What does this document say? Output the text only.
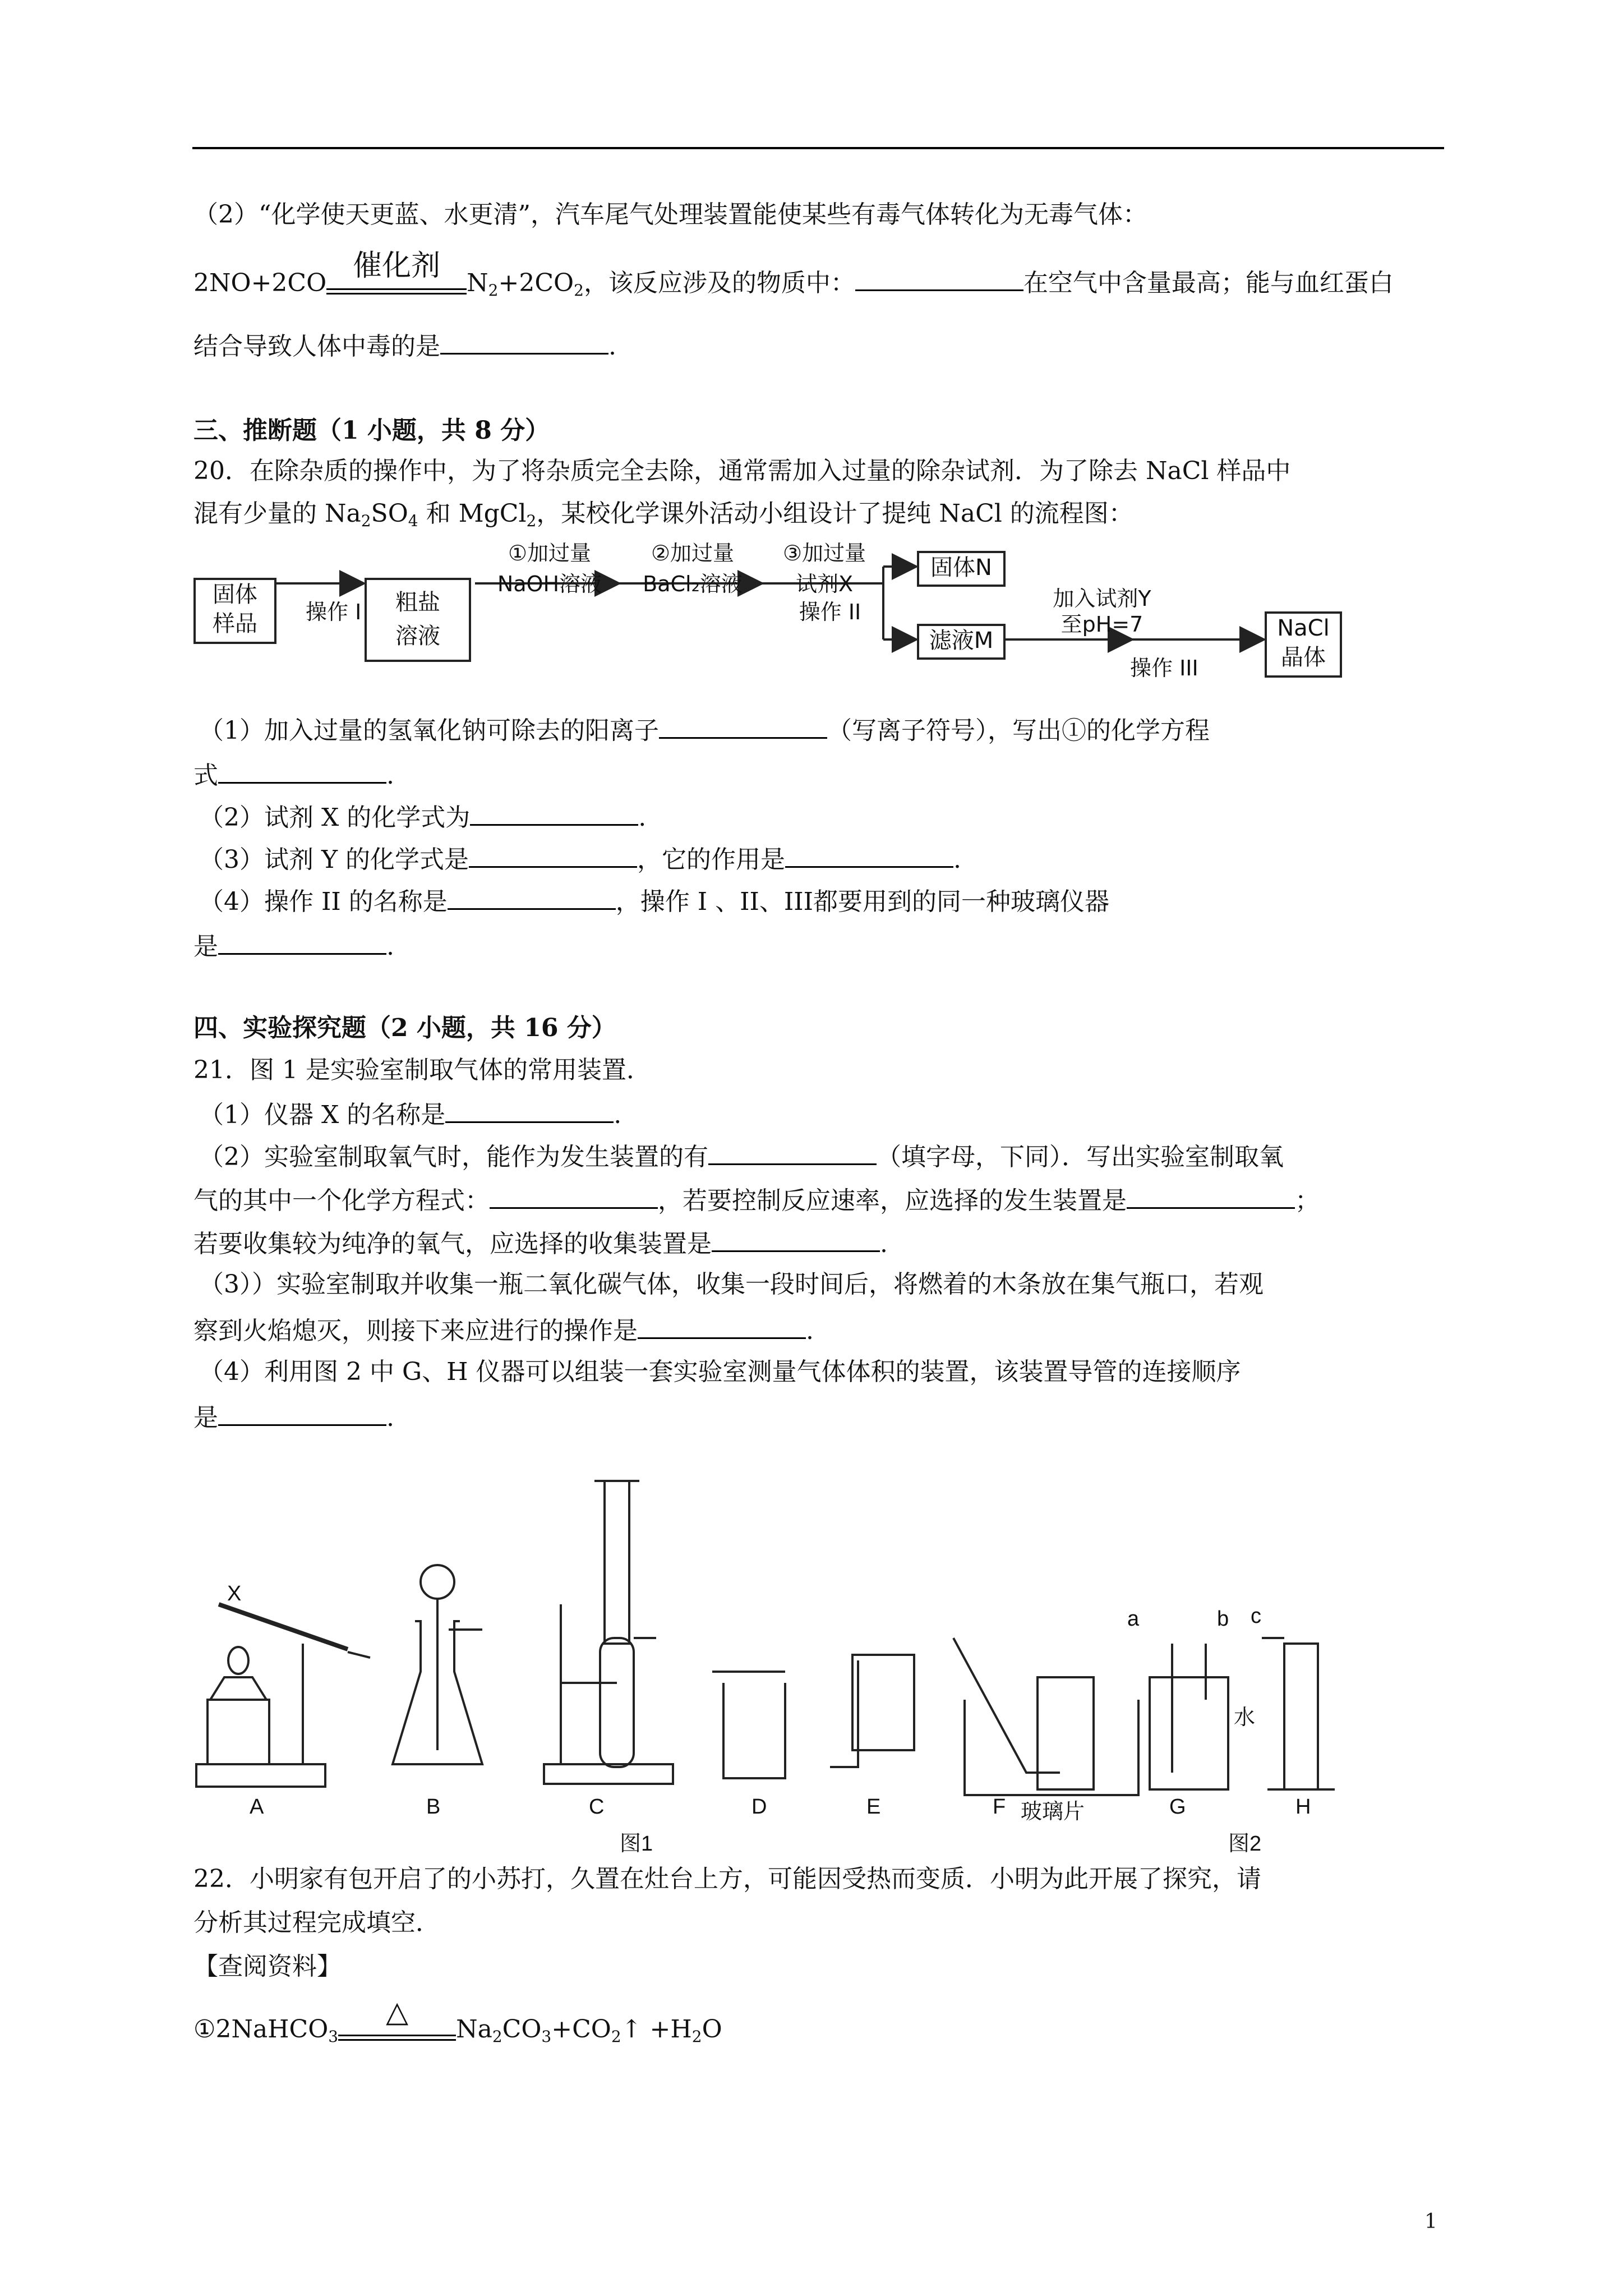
（2）“化学使天更蓝、水更清”，汽车尾气处理装置能使某些有毒气体转化为无毒气体：
2NO+2CO
催化剂
$N_2+2CO_2$，该反应涉及的物质中：	在空气中含量最高；能与血红蛋白
结合导致人体中毒的是	.
三、推断题（1 小题，共 8 分）
20．在除杂质的操作中，为了将杂质完全去除，通常需加入过量的除杂试剂．为了除去 NaCl 样品中
混有少量的 $Na_2SO_4$ 和 MgCl$_2$，某校化学课外活动小组设计了提纯 NaCl 的流程图：
固体
样品	操作 I	粗盐
溶液
①加过量
NaOH溶液
②加过量
BaCl₂溶液
③加过量
试剂X
操作 II
固体N
滤液M
加入试剂Y
至pH=7
操作 III
NaCl
晶体
（1）加入过量的氢氧化钠可除去的阳离子	（写离子符号），写出①的化学方程
式	.
（2）试剂 X 的化学式为	.
（3）试剂 Y 的化学式是	，它的作用是	.
（4）操作 II 的名称是	，操作 I 、II、III都要用到的同一种玻璃仪器
是	.
四、实验探究题（2 小题，共 16 分）
21．图 1 是实验室制取气体的常用装置．
（1）仪器 X 的名称是	.
（2）实验室制取氧气时，能作为发生装置的有	（填字母，下同）．写出实验室制取氧
气的其中一个化学方程式：	，若要控制反应速率，应选择的发生装置是	；
若要收集较为纯净的氧气，应选择的收集装置是	.
（3））实验室制取并收集一瓶二氧化碳气体，收集一段时间后，将燃着的木条放在集气瓶口，若观
察到火焰熄灭，则接下来应进行的操作是	.
（4）利用图 2 中 G、H 仪器可以组装一套实验室测量气体体积的装置，该装置导管的连接顺序
是	.
X
A	B	C	D	E	F 玻璃片	G	H
a	b c
水
图1	图2
22．小明家有包开启了的小苏打，久置在灶台上方，可能因受热而变质．小明为此开展了探究，请
分析其过程完成填空．
【查阅资料】
①2NaHCO$_3$
△
$Na_2CO_3+CO_2↑ +H_2O$
1
